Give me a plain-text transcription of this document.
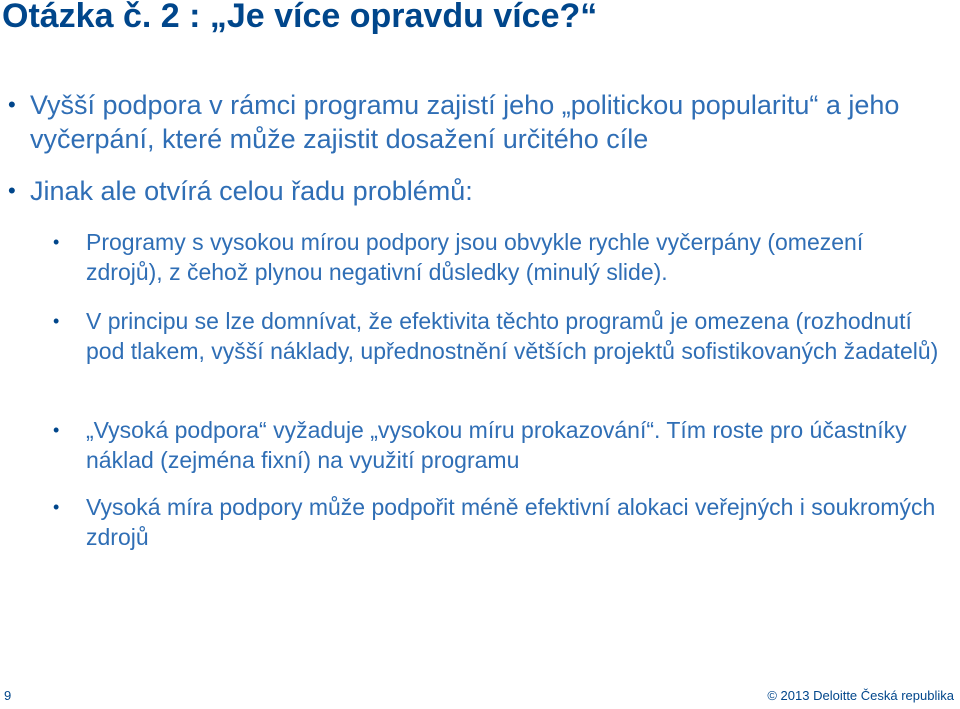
Otázka č. 2 : „Je více opravdu více?“
• Vyšší podpora v rámci programu zajistí jeho „politickou popularitu“ a jeho vyčerpání, které může zajistit dosažení určitého cíle
• Jinak ale otvírá celou řadu problémů:
• Programy s vysokou mírou podpory jsou obvykle rychle vyčerpány (omezení zdrojů), z čehož plynou negativní důsledky (minulý slide).
• V principu se lze domnívat, že efektivita těchto programů je omezena (rozhodnutí pod tlakem, vyšší náklady, upřednostnění větších projektů sofistikovaných žadatelů)
• „Vysoká podpora“ vyžaduje „vysokou míru prokazování“. Tím roste pro účastníky náklad (zejména fixní) na využití programu
• Vysoká míra podpory může podpořit méně efektivní alokaci veřejných i soukromých zdrojů
9	© 2013 Deloitte Česká republika
